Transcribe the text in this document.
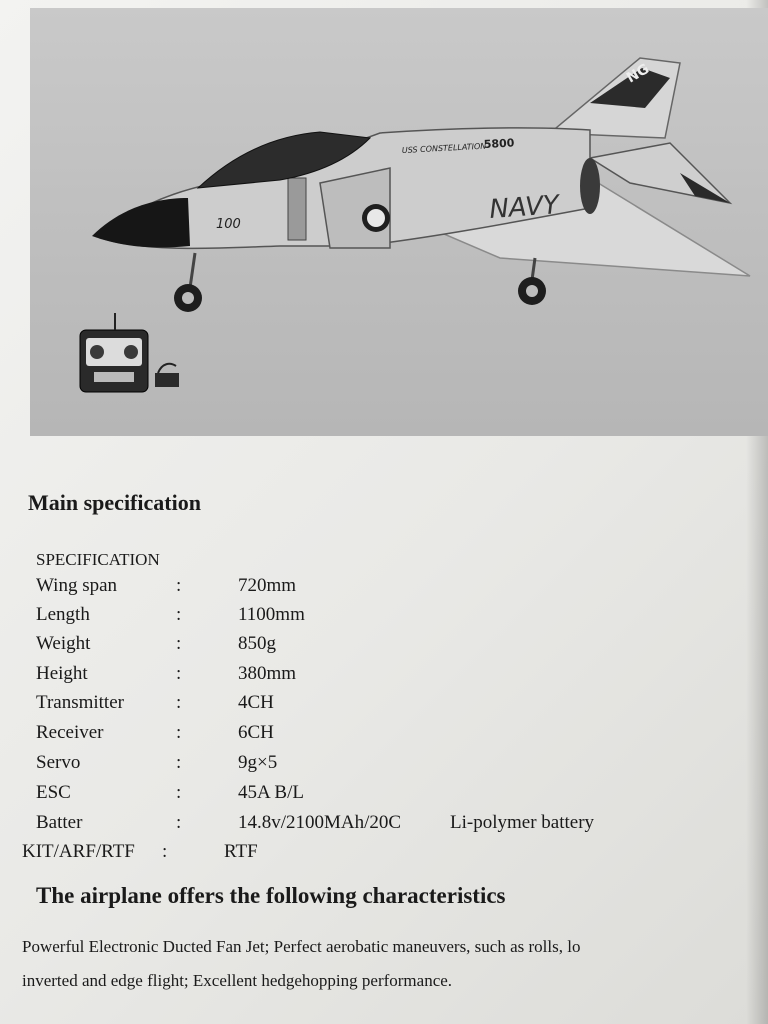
USS CONSTELLATION
5800
100	NAVY
NG
Main specification
SPECIFICATION
Wing span	:	720mm
Length	:	1100mm
Weight	:	850g
Height	:	380mm
Transmitter	:	4CH
Receiver	:	6CH
Servo	:	9g×5
ESC	:	45A B/L
Batter	:	14.8v/2100MAh/20C	Li-polymer battery
KIT/ARF/RTF :	RTF
The airplane offers the following characteristics

Powerful Electronic Ducted Fan Jet; Perfect aerobatic maneuvers, such as rolls, lo
inverted and edge flight; Excellent hedgehopping performance.
